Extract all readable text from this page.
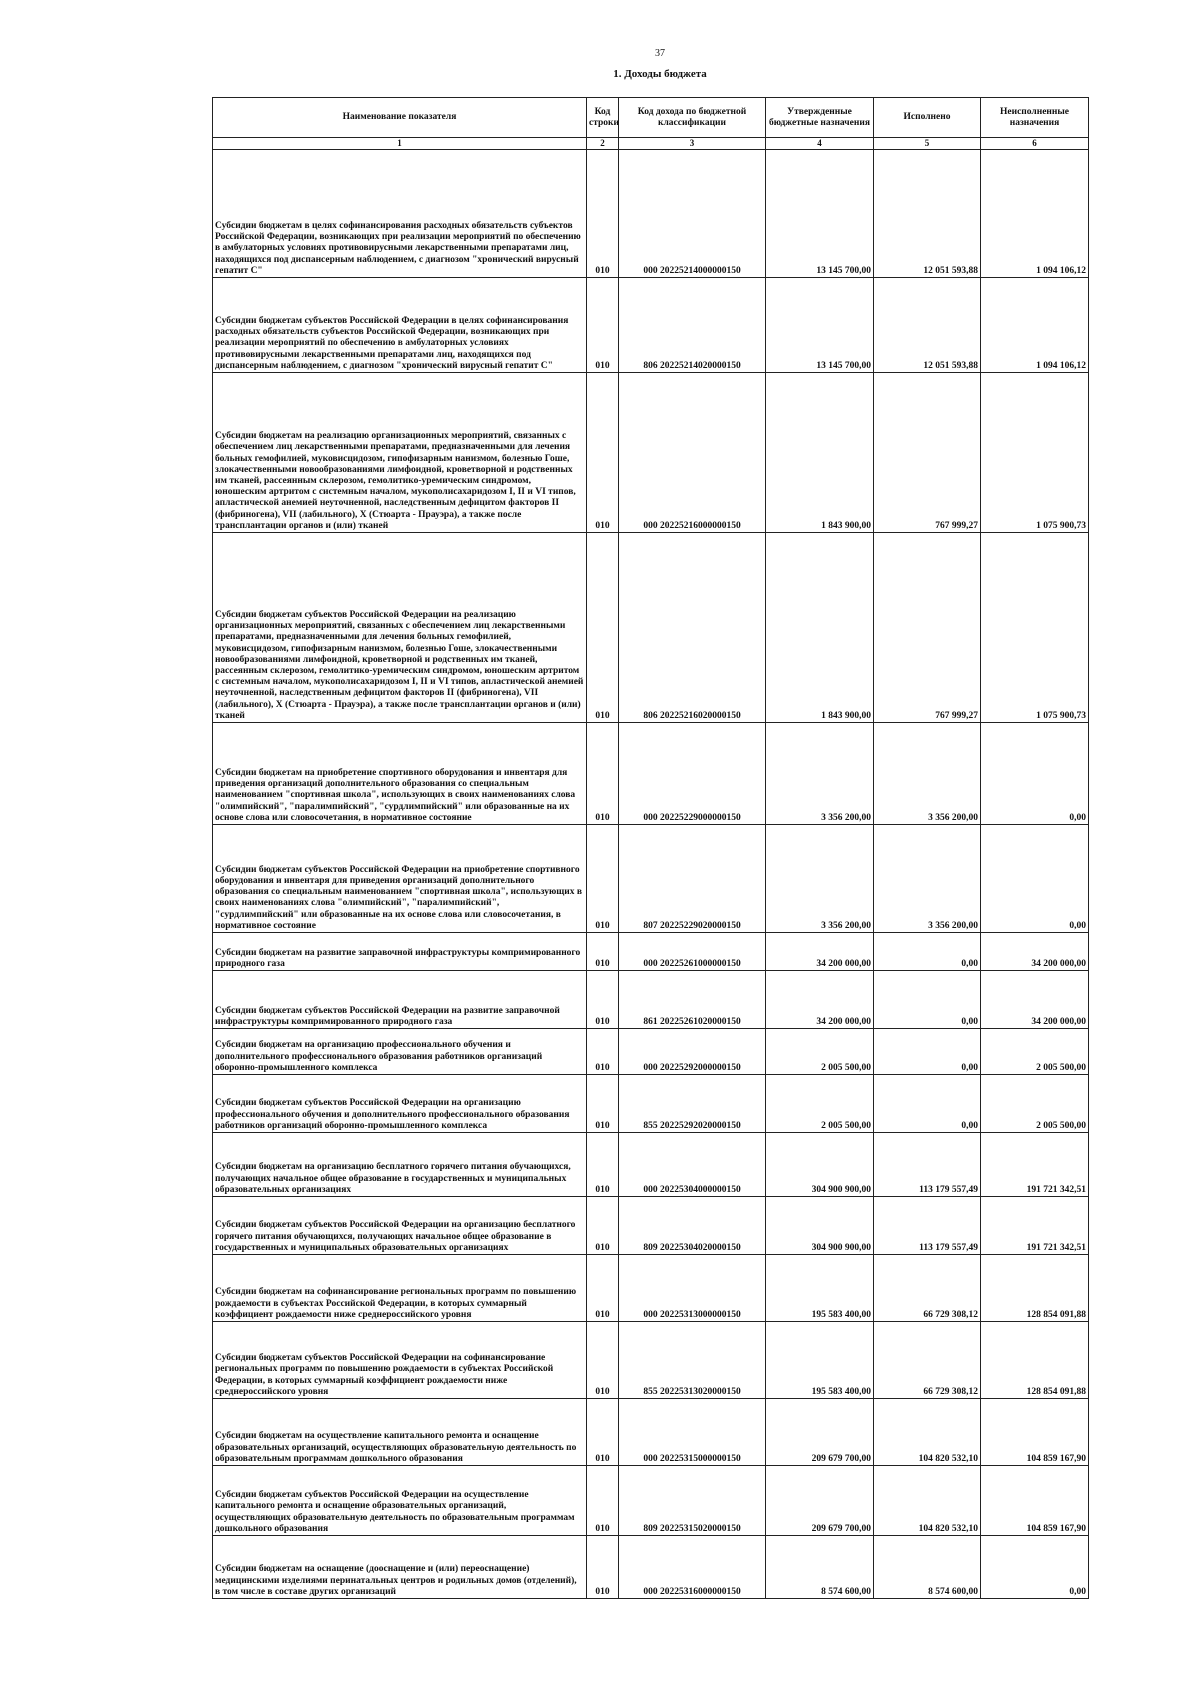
37
1. Доходы бюджета
Наименование показателя	Код строки	Код дохода по бюджетной классификации	Утвержденные бюджетные назначения	Исполнено	Неисполненные назначения
1	2	3	4	5	6
Субсидии бюджетам в целях софинансирования расходных обязательств субъектов Российской Федерации, возникающих при реализации мероприятий по обеспечению в амбулаторных условиях противовирусными лекарственными препаратами лиц, находящихся под диспансерным наблюдением, с диагнозом "хронический вирусный гепатит С"	010	000 20225214000000150	13 145 700,00	12 051 593,88	1 094 106,12
Субсидии бюджетам субъектов Российской Федерации в целях софинансирования расходных обязательств субъектов Российской Федерации, возникающих при реализации мероприятий по обеспечению в амбулаторных условиях противовирусными лекарственными препаратами лиц, находящихся под диспансерным наблюдением, с диагнозом "хронический вирусный гепатит С"	010	806 20225214020000150	13 145 700,00	12 051 593,88	1 094 106,12
Субсидии бюджетам на реализацию организационных мероприятий, связанных с обеспечением лиц лекарственными препаратами, предназначенными для лечения больных гемофилией, муковисцидозом, гипофизарным нанизмом, болезнью Гоше, злокачественными новообразованиями лимфоидной, кроветворной и родственных им тканей, рассеянным склерозом, гемолитико-уремическим синдромом, юношеским артритом с системным началом, мукополисахаридозом I, II и VI типов, апластической анемией неуточненной, наследственным дефицитом факторов II (фибриногена), VII (лабильного), X (Стюарта - Прауэра), а также после трансплантации органов и (или) тканей	010	000 20225216000000150	1 843 900,00	767 999,27	1 075 900,73
Субсидии бюджетам субъектов Российской Федерации на реализацию организационных мероприятий, связанных с обеспечением лиц лекарственными препаратами, предназначенными для лечения больных гемофилией, муковисцидозом, гипофизарным нанизмом, болезнью Гоше, злокачественными новообразованиями лимфоидной, кроветворной и родственных им тканей, рассеянным склерозом, гемолитико-уремическим синдромом, юношеским артритом с системным началом, мукополисахаридозом I, II и VI типов, апластической анемией неуточненной, наследственным дефицитом факторов II (фибриногена), VII (лабильного), X (Стюарта - Прауэра), а также после трансплантации органов и (или) тканей	010	806 20225216020000150	1 843 900,00	767 999,27	1 075 900,73
Субсидии бюджетам на приобретение спортивного оборудования и инвентаря для приведения организаций дополнительного образования со специальным наименованием "спортивная школа", использующих в своих наименованиях слова "олимпийский", "паралимпийский", "сурдлимпийский" или образованные на их основе слова или словосочетания, в нормативное состояние	010	000 20225229000000150	3 356 200,00	3 356 200,00	0,00
Субсидии бюджетам субъектов Российской Федерации на приобретение спортивного оборудования и инвентаря для приведения организаций дополнительного образования со специальным наименованием "спортивная школа", использующих в своих наименованиях слова "олимпийский", "паралимпийский", "сурдлимпийский" или образованные на их основе слова или словосочетания, в нормативное состояние	010	807 20225229020000150	3 356 200,00	3 356 200,00	0,00
Субсидии бюджетам на развитие заправочной инфраструктуры компримированного природного газа	010	000 20225261000000150	34 200 000,00	0,00	34 200 000,00
Субсидии бюджетам субъектов Российской Федерации на развитие заправочной инфраструктуры компримированного природного газа	010	861 20225261020000150	34 200 000,00	0,00	34 200 000,00
Субсидии бюджетам на организацию профессионального обучения и дополнительного профессионального образования работников организаций оборонно-промышленного комплекса	010	000 20225292000000150	2 005 500,00	0,00	2 005 500,00
Субсидии бюджетам субъектов Российской Федерации на организацию профессионального обучения и дополнительного профессионального образования работников организаций оборонно-промышленного комплекса	010	855 20225292020000150	2 005 500,00	0,00	2 005 500,00
Субсидии бюджетам на организацию бесплатного горячего питания обучающихся, получающих начальное общее образование в государственных и муниципальных образовательных организациях	010	000 20225304000000150	304 900 900,00	113 179 557,49	191 721 342,51
Субсидии бюджетам субъектов Российской Федерации на организацию бесплатного горячего питания обучающихся, получающих начальное общее образование в государственных и муниципальных образовательных организациях	010	809 20225304020000150	304 900 900,00	113 179 557,49	191 721 342,51
Субсидии бюджетам на софинансирование региональных программ по повышению рождаемости в субъектах Российской Федерации, в которых суммарный коэффициент рождаемости ниже среднероссийского уровня	010	000 20225313000000150	195 583 400,00	66 729 308,12	128 854 091,88
Субсидии бюджетам субъектов Российской Федерации на софинансирование региональных программ по повышению рождаемости в субъектах Российской Федерации, в которых суммарный коэффициент рождаемости ниже среднероссийского уровня	010	855 20225313020000150	195 583 400,00	66 729 308,12	128 854 091,88
Субсидии бюджетам на осуществление капитального ремонта и оснащение образовательных организаций, осуществляющих образовательную деятельность по образовательным программам дошкольного образования	010	000 20225315000000150	209 679 700,00	104 820 532,10	104 859 167,90
Субсидии бюджетам субъектов Российской Федерации на осуществление капитального ремонта и оснащение образовательных организаций, осуществляющих образовательную деятельность по образовательным программам дошкольного образования	010	809 20225315020000150	209 679 700,00	104 820 532,10	104 859 167,90
Субсидии бюджетам на оснащение (дооснащение и (или) переоснащение) медицинскими изделиями перинатальных центров и родильных домов (отделений), в том числе в составе других организаций	010	000 20225316000000150	8 574 600,00	8 574 600,00	0,00
